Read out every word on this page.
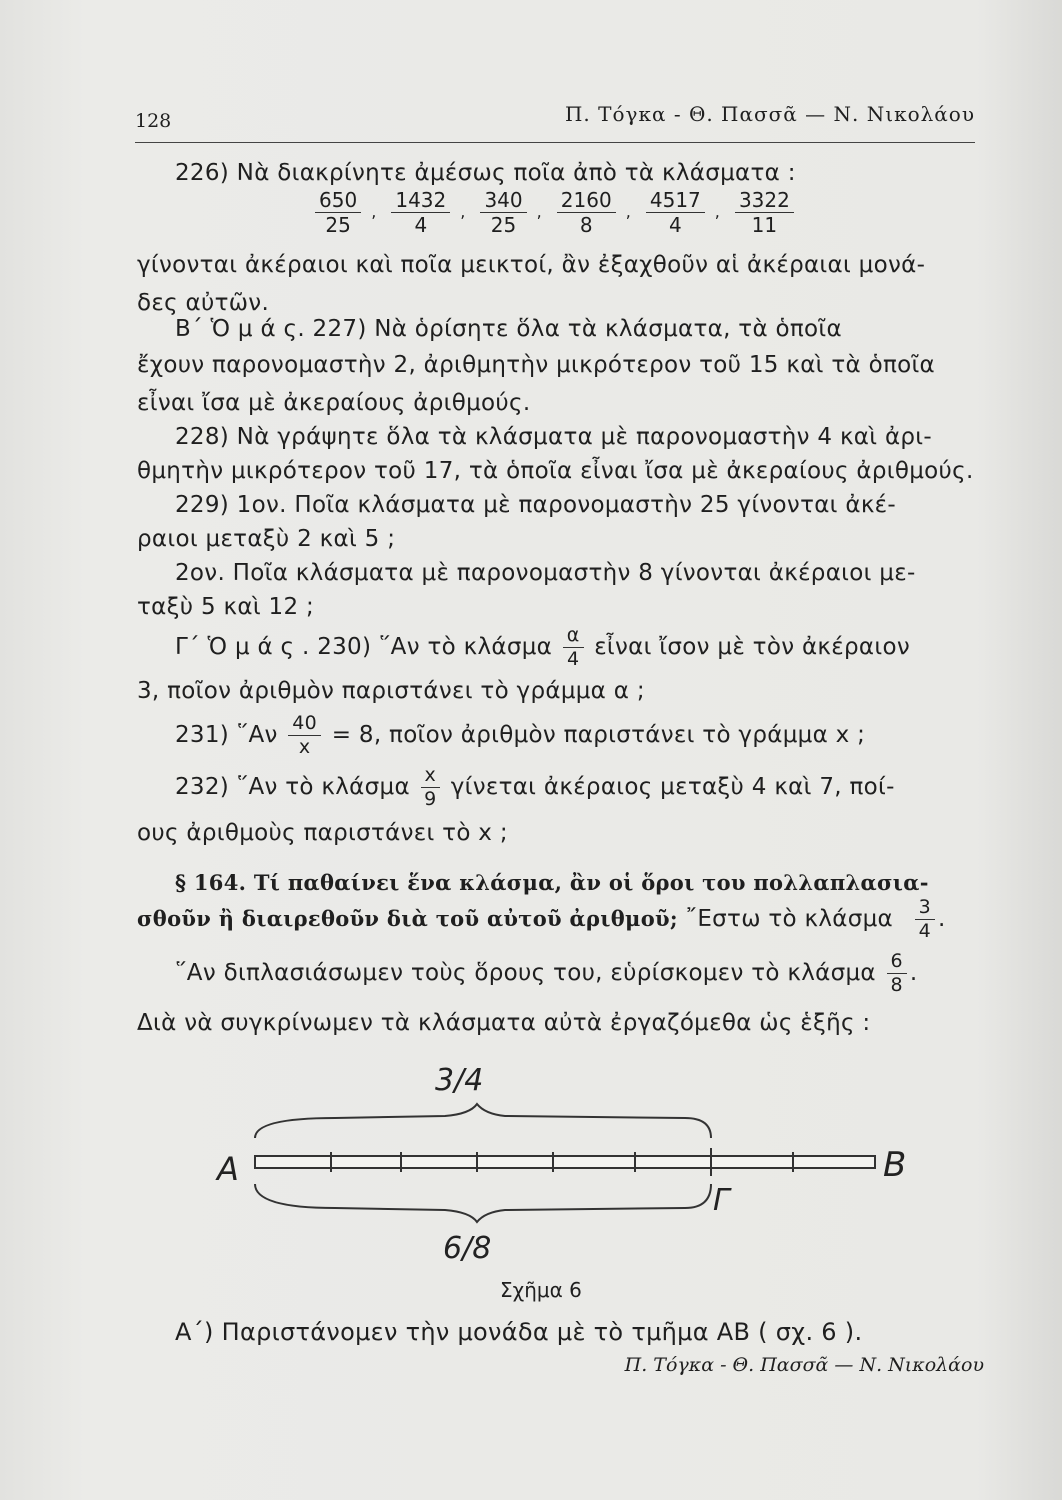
128	Π. Τόγκα - Θ. Πασσᾶ — Ν. Νικολάου
226) Νὰ διακρίνητε ἀμέσως ποῖα ἀπὸ τὰ κλάσματα :
$\frac{650}{25}$ , $\frac{1432}{4}$ , $\frac{340}{25}$ , $\frac{2160}{8}$ , $\frac{4517}{4}$ , $\frac{3322}{11}$
γίνονται ἀκέραιοι καὶ ποῖα μεικτοί, ἂν ἐξαχθοῦν αἱ ἀκέραιαι μονά-
δες αὐτῶν.
Β΄ Ὁ μ ά ς. 227) Νὰ ὁρίσητε ὅλα τὰ κλάσματα, τὰ ὁποῖα
ἔχουν παρονομαστὴν 2, ἀριθμητὴν μικρότερον τοῦ 15 καὶ τὰ ὁποῖα
εἶναι ἴσα μὲ ἀκεραίους ἀριθμούς.
228) Νὰ γράψητε ὅλα τὰ κλάσματα μὲ παρονομαστὴν 4 καὶ ἀρι-
θμητὴν μικρότερον τοῦ 17, τὰ ὁποῖα εἶναι ἴσα μὲ ἀκεραίους ἀριθμούς.
229) 1ον. Ποῖα κλάσματα μὲ παρονομαστὴν 25 γίνονται ἀκέ-
ραιοι μεταξὺ 2 καὶ 5 ;
2ον. Ποῖα κλάσματα μὲ παρονομαστὴν 8 γίνονται ἀκέραιοι με-
ταξὺ 5 καὶ 12 ;
Γ΄ Ὁ μ ά ς . 230) ῞Αν τὸ κλάσμα $\frac{\alpha}{4}$ εἶναι ἴσον μὲ τὸν ἀκέραιον
3, ποῖον ἀριθμὸν παριστάνει τὸ γράμμα α ;
231) ῞Αν $\frac{40}{x} = 8$, ποῖον ἀριθμὸν παριστάνει τὸ γράμμα x ;
232) ῞Αν τὸ κλάσμα $\frac{x}{9}$ γίνεται ἀκέραιος μεταξὺ 4 καὶ 7, ποί-
ους ἀριθμοὺς παριστάνει τὸ x ;
§ 164. Τί παθαίνει ἕνα κλάσμα, ἂν οἱ ὅροι του πολλαπλασια-
σθοῦν ἢ διαιρεθοῦν διὰ τοῦ αὐτοῦ ἀριθμοῦ; ῎Εστω τὸ κλάσμα $\frac{3}{4}$ .
῞Αν διπλασιάσωμεν τοὺς ὅρους του, εὑρίσκομεν τὸ κλάσμα $\frac{6}{8}$ .
Διὰ νὰ συγκρίνωμεν τὰ κλάσματα αὐτὰ ἐργαζόμεθα ὡς ἑξῆς :
3/4
A	B
Γ
6/8
Σχῆμα 6
Α΄) Παριστάνομεν τὴν μονάδα μὲ τὸ τμῆμα ΑΒ ( σχ. 6 ).
Π. Τόγκα - Θ. Πασσᾶ — Ν. Νικολάου
